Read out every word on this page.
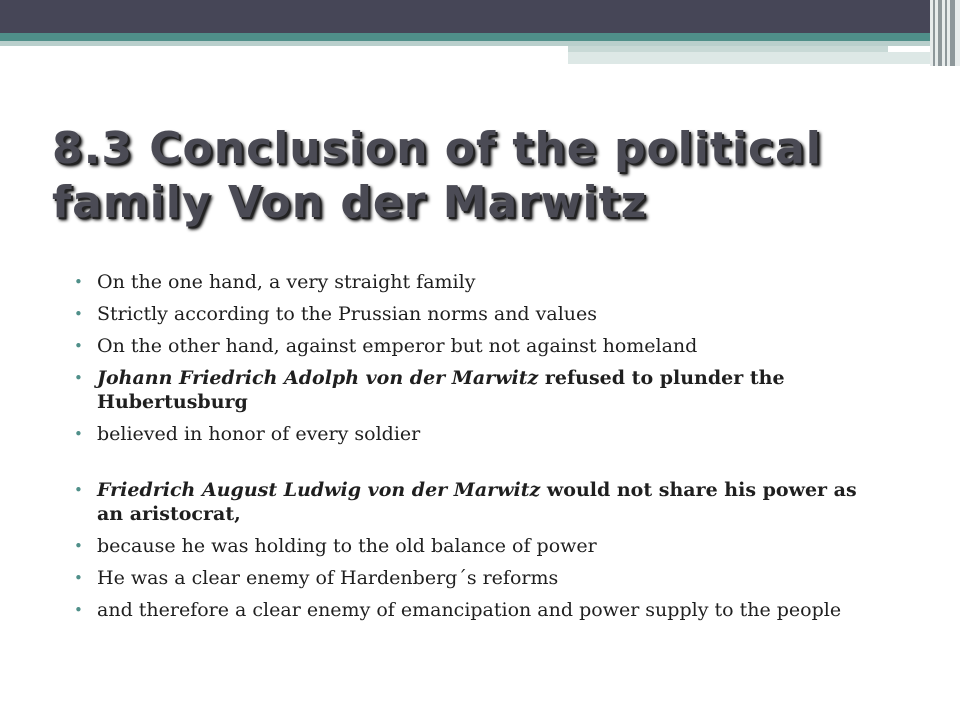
8.3 Conclusion of the political
family Von der Marwitz
• On the one hand, a very straight family
• Strictly according to the Prussian norms and values
• On the other hand, against emperor but not against homeland
• Johann Friedrich Adolph von der Marwitz refused to plunder the Hubertusburg
• believed in honor of every soldier
• Friedrich August Ludwig von der Marwitz would not share his power as an aristocrat,
• because he was holding to the old balance of power
• He was a clear enemy of Hardenberg´s reforms
• and therefore a clear enemy of emancipation and power supply to the people
